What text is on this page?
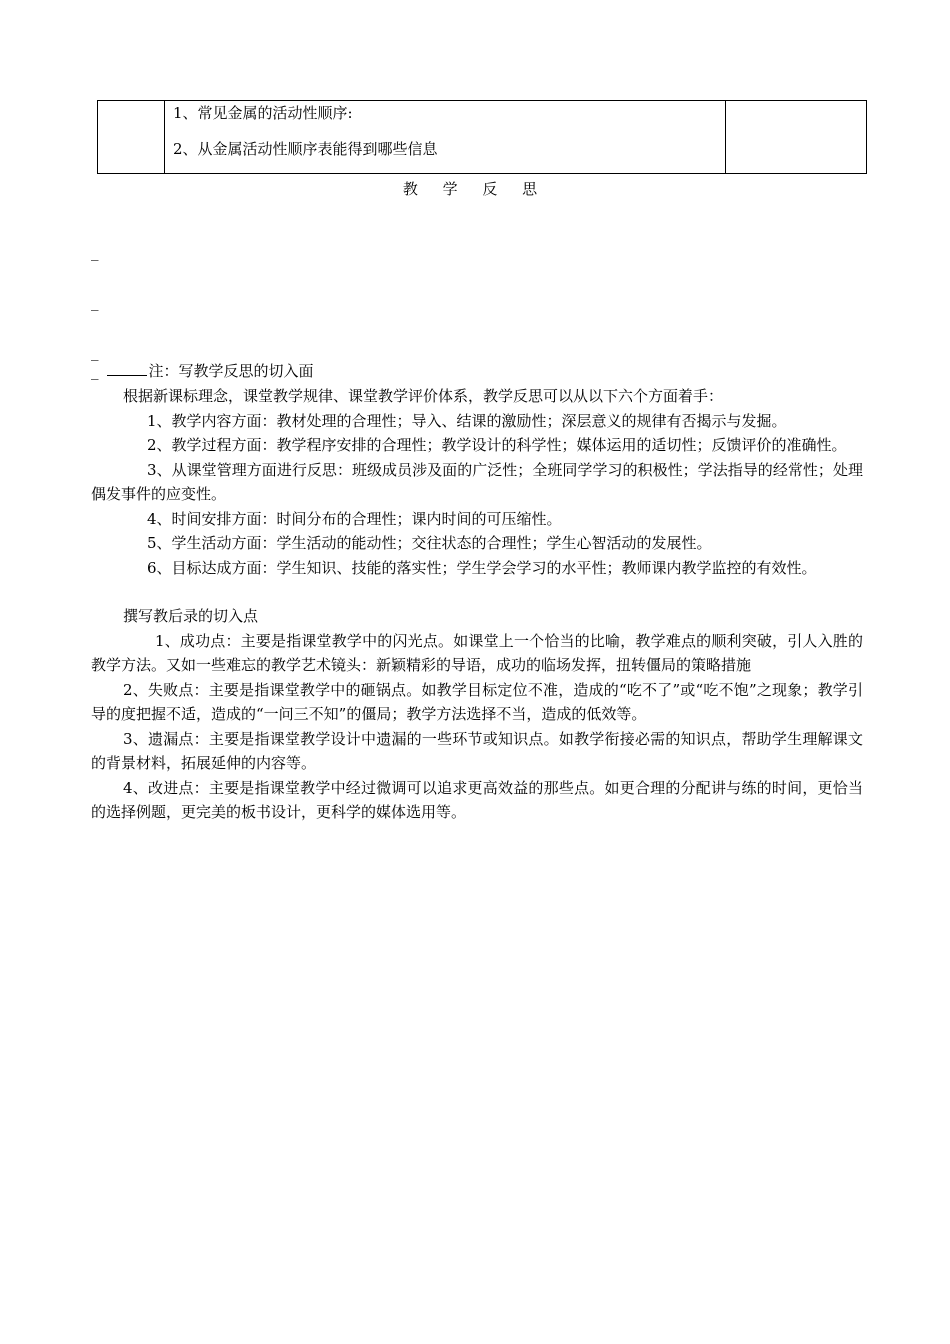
1、常见金属的活动性顺序:
2、从金属活动性顺序表能得到哪些信息

教 学 反 思
_
_
_
_	注：写教学反思的切入面

根据新课标理念，课堂教学规律、课堂教学评价体系，教学反思可以从以下六个方面着手：

1、教学内容方面：教材处理的合理性；导入、结课的激励性；深层意义的规律有否揭示与发掘。

2、教学过程方面：教学程序安排的合理性；教学设计的科学性；媒体运用的适切性；反馈评价的准确性。

3、从课堂管理方面进行反思：班级成员涉及面的广泛性；全班同学学习的积极性；学法指导的经常性；处理偶发事件的应变性。

4、时间安排方面：时间分布的合理性；课内时间的可压缩性。

5、学生活动方面：学生活动的能动性；交往状态的合理性；学生心智活动的发展性。

6、目标达成方面：学生知识、技能的落实性；学生学会学习的水平性；教师课内教学监控的有效性。

撰写教后录的切入点

1、成功点：主要是指课堂教学中的闪光点。如课堂上一个恰当的比喻，教学难点的顺利突破，引人入胜的教学方法。又如一些难忘的教学艺术镜头：新颖精彩的导语，成功的临场发挥，扭转僵局的策略措施

2、失败点：主要是指课堂教学中的砸锅点。如教学目标定位不准，造成的“吃不了”或“吃不饱”之现象；教学引导的度把握不适，造成的“一问三不知”的僵局；教学方法选择不当，造成的低效等。

3、遗漏点：主要是指课堂教学设计中遗漏的一些环节或知识点。如教学衔接必需的知识点，帮助学生理解课文的背景材料，拓展延伸的内容等。

4、改进点：主要是指课堂教学中经过微调可以追求更高效益的那些点。如更合理的分配讲与练的时间，更恰当的选择例题，更完美的板书设计，更科学的媒体选用等。
